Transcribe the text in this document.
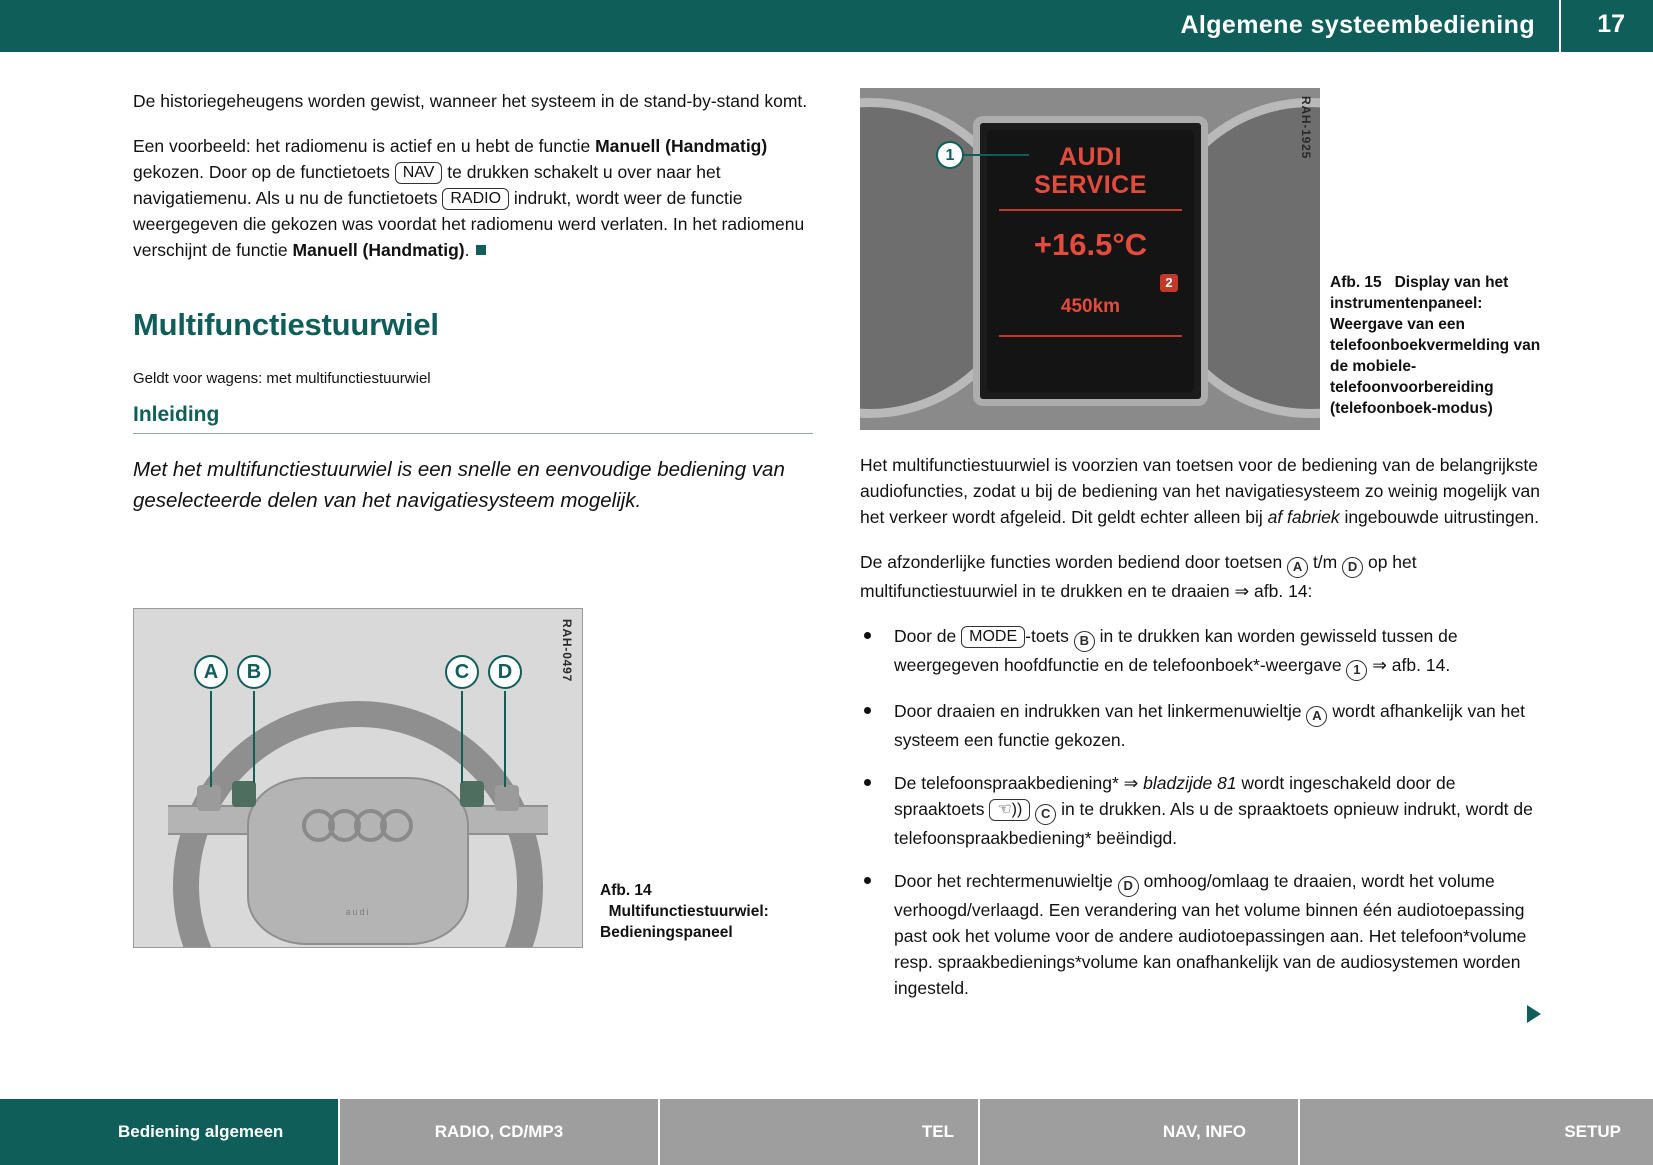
Algemene systeembediening 17

De historiegeheugens worden gewist, wanneer het systeem in de stand-by-stand komt.

Een voorbeeld: het radiomenu is actief en u hebt de functie Manuell (Handmatig) gekozen. Door op de functietoets NAV te drukken schakelt u over naar het navigatiemenu. Als u nu de functietoets RADIO indrukt, wordt weer de functie weergegeven die gekozen was voordat het radiomenu werd verlaten. In het radiomenu verschijnt de functie Manuell (Handmatig).

Multifunctiestuurwiel

Geldt voor wagens: met multifunctiestuurwiel

Inleiding

Met het multifunctiestuurwiel is een snelle en eenvoudige bediening van geselecteerde delen van het navigatiesysteem mogelijk.

RAH-0497
audi
A	B	C	D
Afb. 14   Multifunctiestuurwiel: Bedieningspaneel
AUDI
SERVICE
+16.5°C
450km
1
2
RAH-1925
Afb. 15 Display van het instrumentenpaneel: Weergave van een telefoonboekvermelding van de mobiele-telefoonvoorbereiding (telefoonboek-modus)

Het multifunctiestuurwiel is voorzien van toetsen voor de bediening van de belangrijkste audiofuncties, zodat u bij de bediening van het navigatiesysteem zo weinig mogelijk van het verkeer wordt afgeleid. Dit geldt echter alleen bij af fabriek ingebouwde uitrustingen.

De afzonderlijke functies worden bediend door toetsen A t/m D op het multifunctiestuurwiel in te drukken en te draaien ⇒ afb. 14:

Door de MODE -toets B in te drukken kan worden gewisseld tussen de weergegeven hoofdfunctie en de telefoonboek*-weergave 1 ⇒ afb. 14.
Door draaien en indrukken van het linkermenuwieltje A wordt afhankelijk van het systeem een functie gekozen.
De telefoonspraakbediening* ⇒ bladzijde 81 wordt ingeschakeld door de spraaktoets ☜)) C in te drukken. Als u de spraaktoets opnieuw indrukt, wordt de telefoonspraakbediening* beëindigd.
Door het rechtermenuwieltje D omhoog/omlaag te draaien, wordt het volume verhoogd/verlaagd. Een verandering van het volume binnen één audiotoepassing past ook het volume voor de andere audiotoepassingen aan. Het telefoon*volume resp. spraakbedienings*volume kan onafhankelijk van de audiosystemen worden ingesteld.
Bediening algemeen	RADIO, CD/MP3	TEL	NAV, INFO	SETUP
